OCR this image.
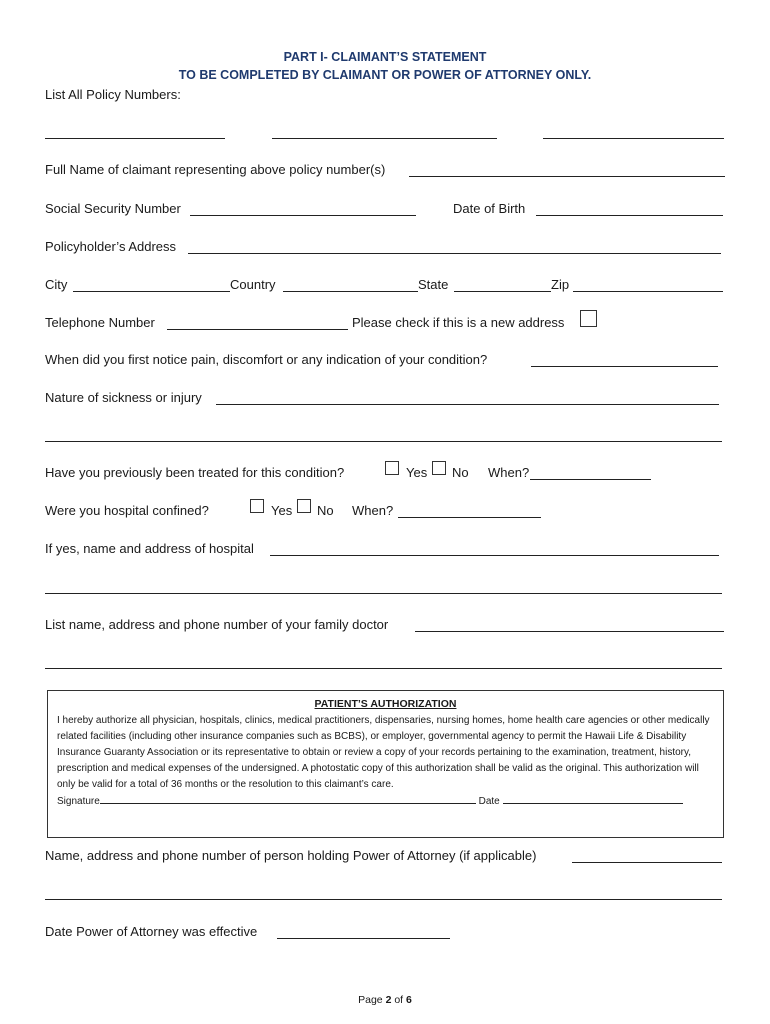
PART I- CLAIMANT’S STATEMENT
TO BE COMPLETED BY CLAIMANT OR POWER OF ATTORNEY ONLY.
List All Policy Numbers:
Full Name of claimant representing above policy number(s)
Social Security Number	Date of Birth
Policyholder’s Address
City	Country	State	Zip
Telephone Number	Please check if this is a new address
When did you first notice pain, discomfort or any indication of your condition?
Nature of sickness or injury
Have you previously been treated for this condition?	Yes No When?
Were you hospital confined?	Yes No When?
If yes, name and address of hospital
List name, address and phone number of your family doctor
PATIENT’S AUTHORIZATION

I hereby authorize all physician, hospitals, clinics, medical practitioners, dispensaries, nursing homes, home health care agencies or other medically related facilities (including other insurance companies such as BCBS), or employer, governmental agency to permit the Hawaii Life & Disability Insurance Guaranty Association or its representative to obtain or review a copy of your records pertaining to the examination, treatment, history, prescription and medical expenses of the undersigned. A photostatic copy of this authorization shall be valid as the original. This authorization will only be valid for a total of 36 months or the resolution to this claimant’s care.

Signature	Date

Name, address and phone number of person holding Power of Attorney (if applicable)
Date Power of Attorney was effective
Page 2 of 6
